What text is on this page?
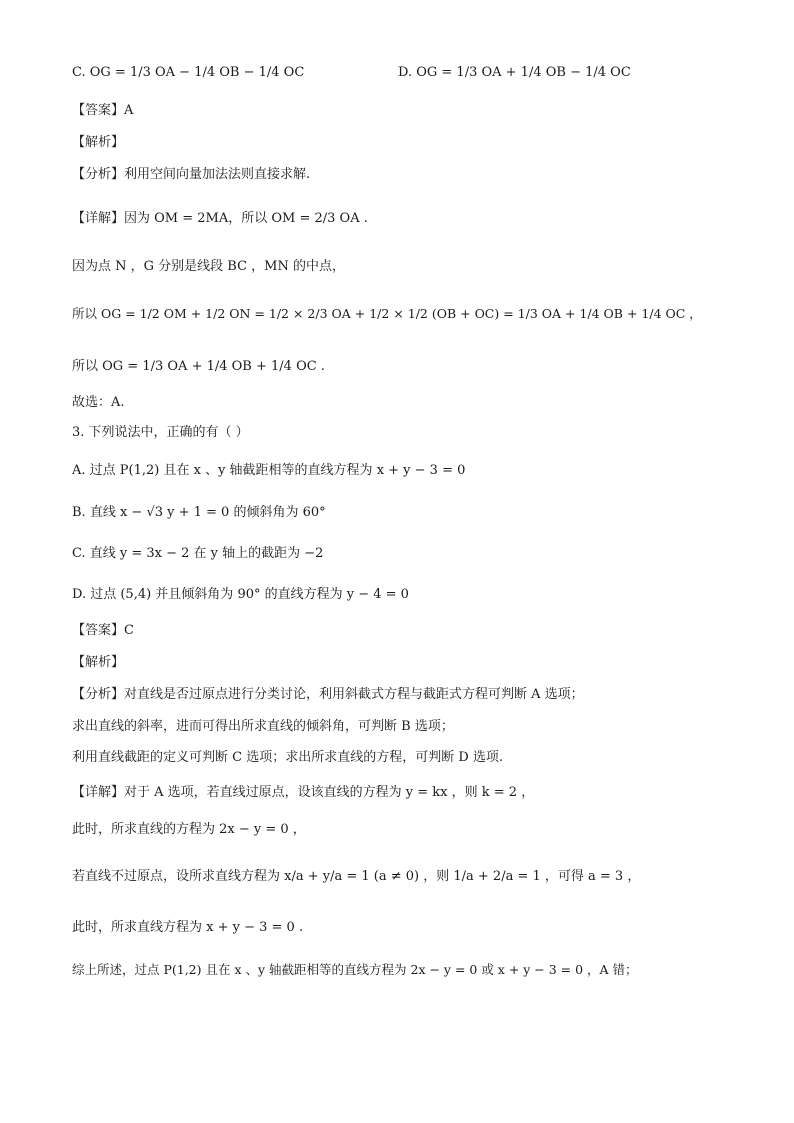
C. OG = 1/3 OA − 1/4 OB − 1/4 OC	D. OG = 1/3 OA + 1/4 OB − 1/4 OC
【答案】A
【解析】
【分析】利用空间向量加法法则直接求解.
【详解】因为 OM = 2MA，所以 OM = 2/3 OA .
因为点 N ，G 分别是线段 BC ，MN 的中点，
所以 OG = 1/2 OM + 1/2 ON = 1/2 × 2/3 OA + 1/2 × 1/2 (OB + OC) = 1/3 OA + 1/4 OB + 1/4 OC ，
所以 OG = 1/3 OA + 1/4 OB + 1/4 OC .
故选：A.
3. 下列说法中，正确的有（ ）
A. 过点 P(1,2) 且在 x 、y 轴截距相等的直线方程为 x + y − 3 = 0
B. 直线 x − √3 y + 1 = 0 的倾斜角为 60°
C. 直线 y = 3x − 2 在 y 轴上的截距为 −2
D. 过点 (5,4) 并且倾斜角为 90° 的直线方程为 y − 4 = 0
【答案】C
【解析】
【分析】对直线是否过原点进行分类讨论，利用斜截式方程与截距式方程可判断 A 选项；
求出直线的斜率，进而可得出所求直线的倾斜角，可判断 B 选项；
利用直线截距的定义可判断 C 选项；求出所求直线的方程，可判断 D 选项.
【详解】对于 A 选项，若直线过原点，设该直线的方程为 y = kx ，则 k = 2 ，
此时，所求直线的方程为 2x − y = 0 ，
若直线不过原点，设所求直线方程为 x/a + y/a = 1 (a ≠ 0) ，则 1/a + 2/a = 1 ，可得 a = 3 ，
此时，所求直线方程为 x + y − 3 = 0 .
综上所述，过点 P(1,2) 且在 x 、y 轴截距相等的直线方程为 2x − y = 0 或 x + y − 3 = 0 ，A 错；
